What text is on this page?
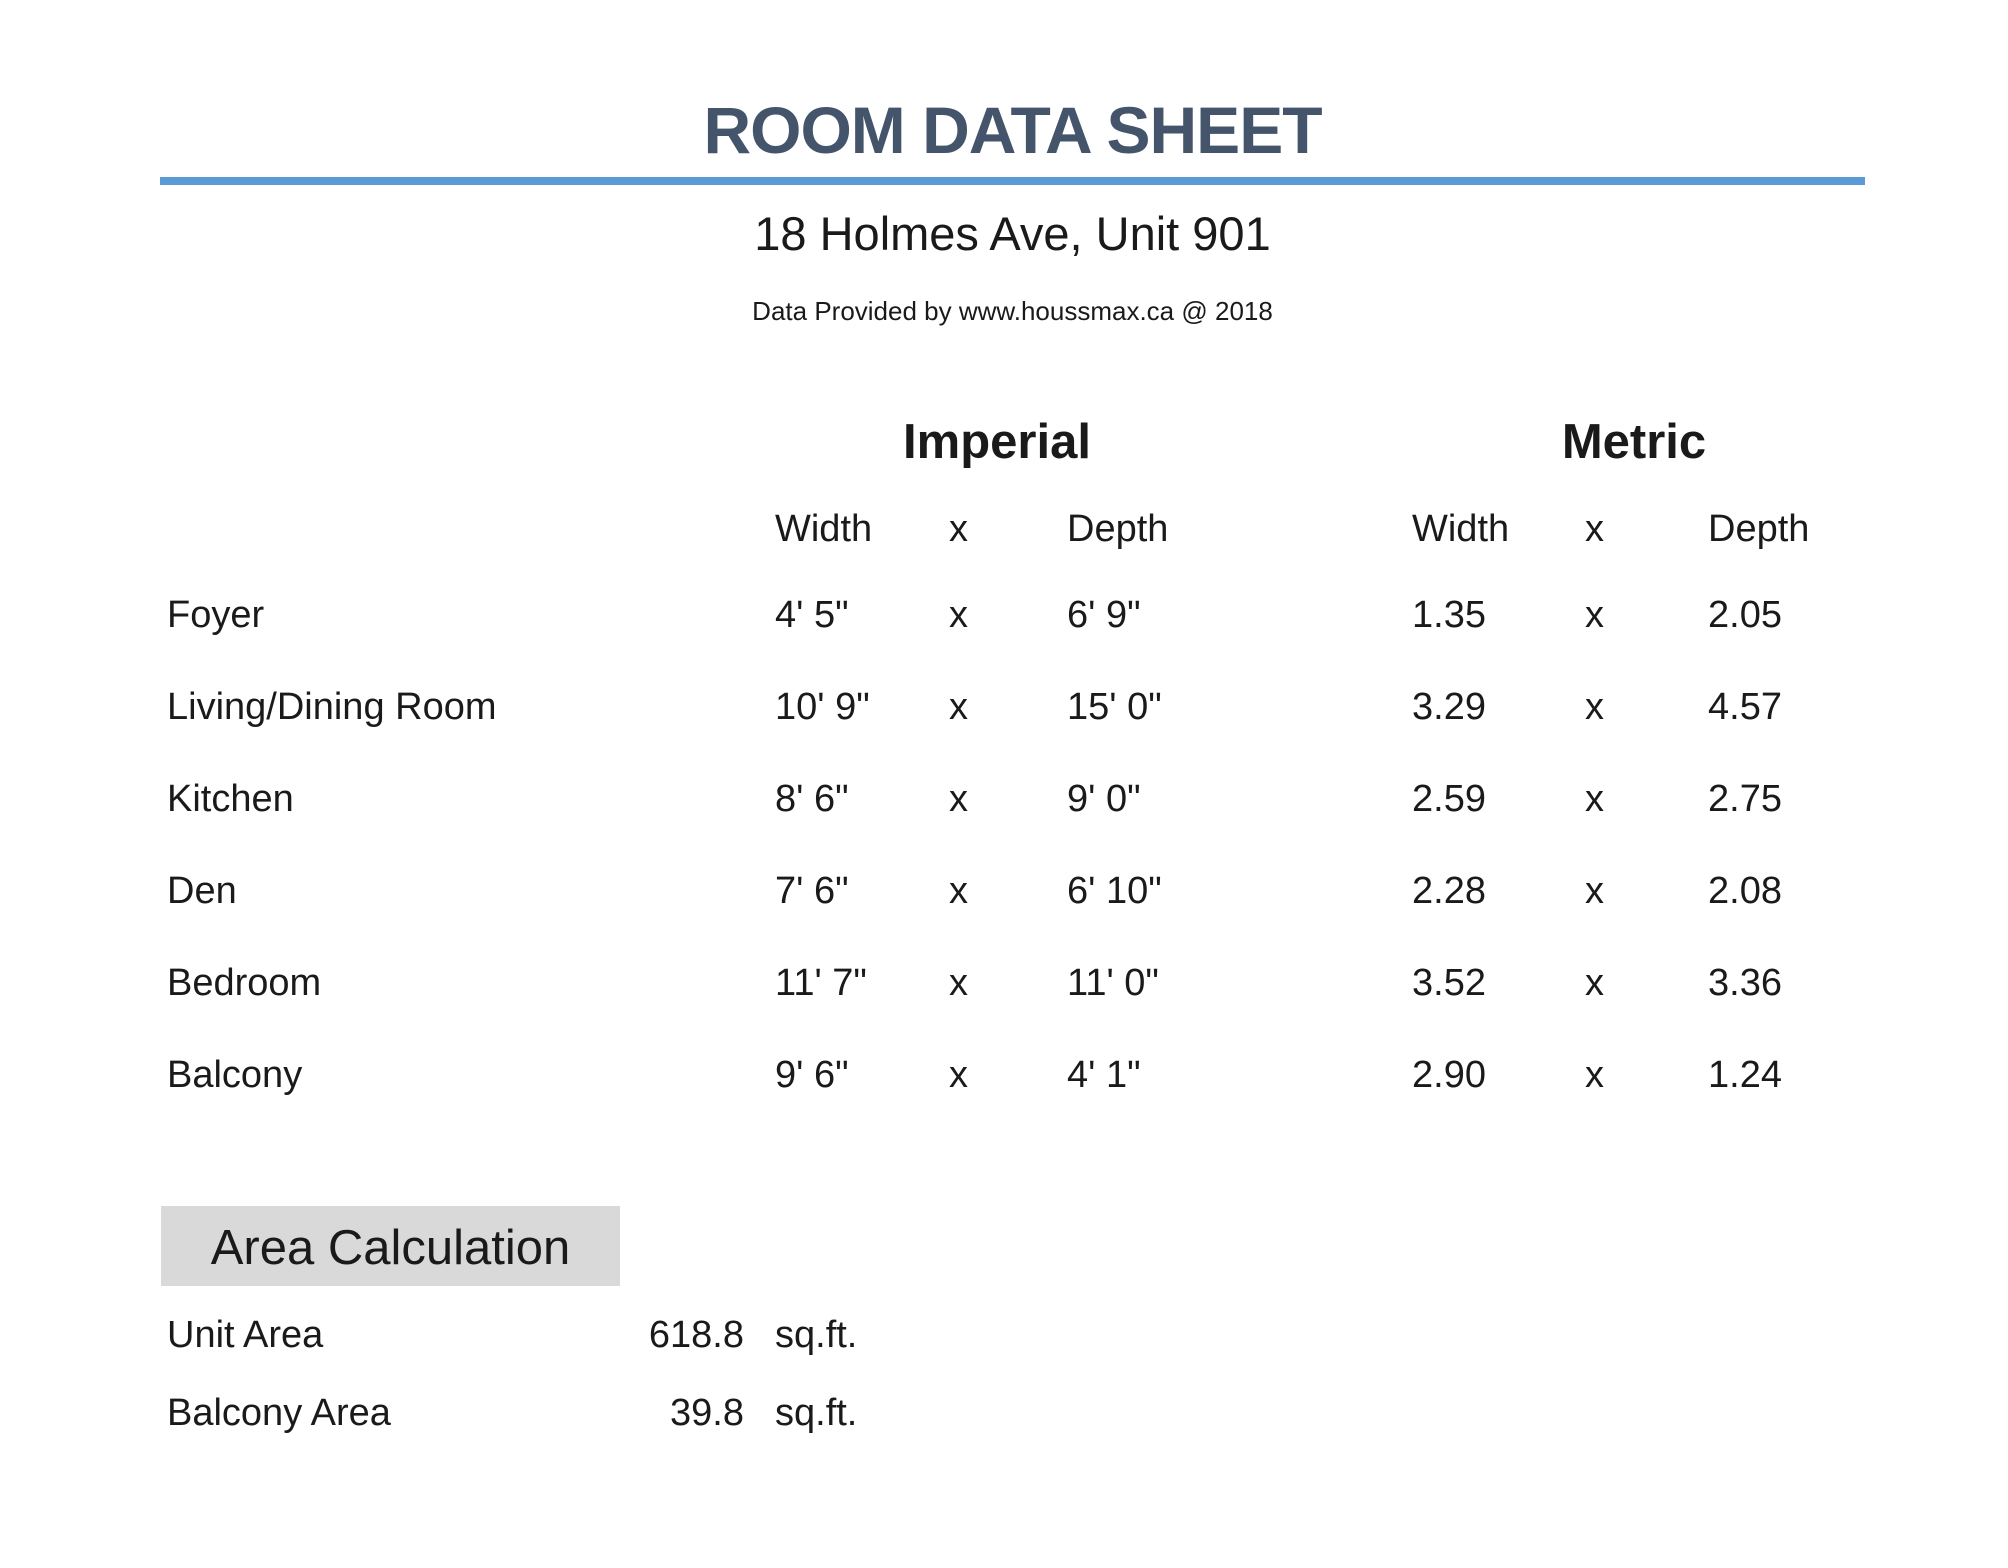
ROOM DATA SHEET
18 Holmes Ave, Unit 901
Data Provided by www.houssmax.ca @ 2018
Imperial	Metric
Width x	Depth	Width x	Depth
Foyer	4' 5"	x	6' 9"	1.35	x	2.05
Living/Dining Room	10' 9" x	15' 0"	3.29	x	4.57
Kitchen	8' 6"	x	9' 0"	2.59	x	2.75
Den	7' 6"	x	6' 10"	2.28	x	2.08
Bedroom	11' 7" x	11' 0"	3.52	x	3.36
Balcony	9' 6"	x	4' 1"	2.90	x	1.24
Area Calculation
Unit Area	618.8 sq.ft.
Balcony Area	39.8 sq.ft.
